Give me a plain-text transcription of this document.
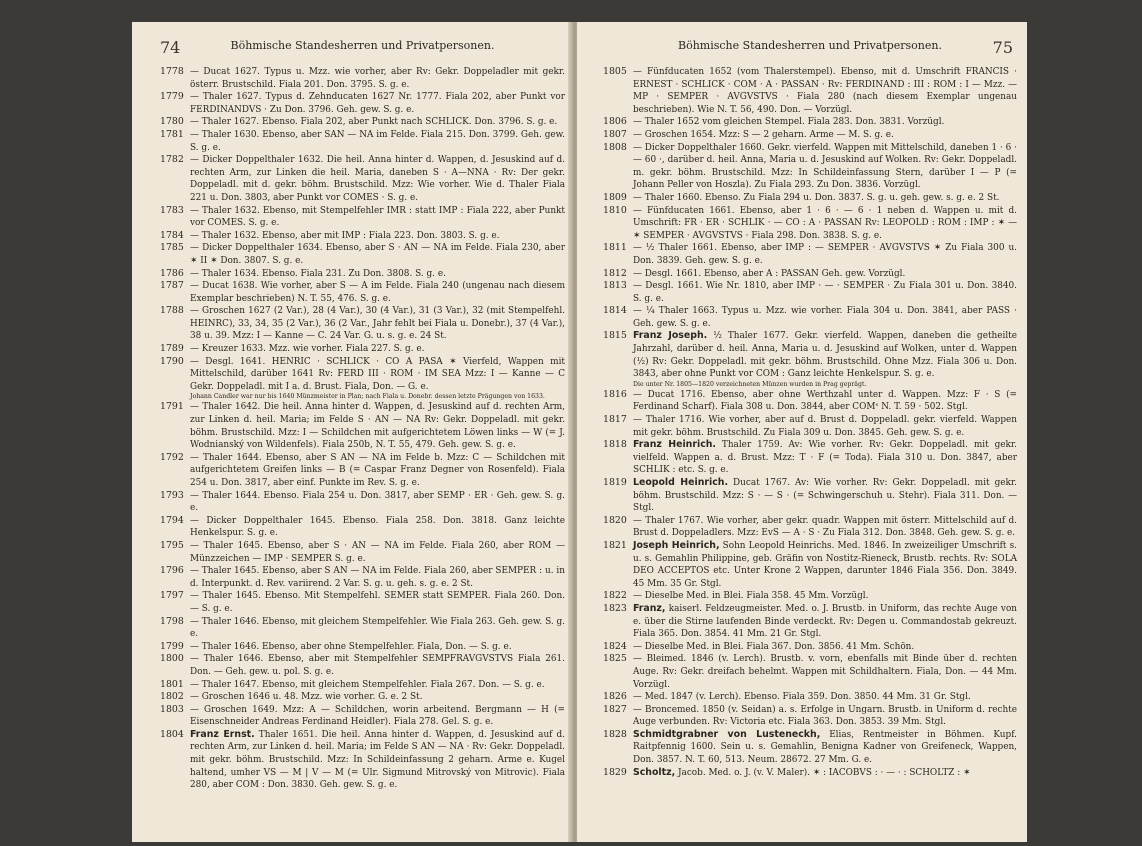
74	Böhmische Standesherren und Privatpersonen.
1778 — Ducat 1627. Typus u. Mzz. wie vorher, aber Rv: Gekr. Doppeladler mit gekr. österr. Brustschild. Fiala 201. Don. 3795. S. g. e.
1779 — Thaler 1627. Typus d. Zehnducaten 1627 Nr. 1777. Fiala 202, aber Punkt vor FERDINANDVS · Zu Don. 3796. Geh. gew. S. g. e.
1780 — Thaler 1627. Ebenso. Fiala 202, aber Punkt nach SCHLICK. Don. 3796. S. g. e.
1781 — Thaler 1630. Ebenso, aber SAN — NA im Felde. Fiala 215. Don. 3799. Geh. gew. S. g. e.
1782 — Dicker Doppelthaler 1632. Die heil. Anna hinter d. Wappen, d. Jesuskind auf d. rechten Arm, zur Linken die heil. Maria, daneben S · A—NNA · Rv: Der gekr. Doppeladl. mit d. gekr. böhm. Brustschild. Mzz: Wie vorher. Wie d. Thaler Fiala 221 u. Don. 3803, aber Punkt vor COMES · S. g. e.
1783 — Thaler 1632. Ebenso, mit Stempelfehler IMR : statt IMP : Fiala 222, aber Punkt vor COMES. S. g. e.
1784 — Thaler 1632. Ebenso, aber mit IMP : Fiala 223. Don. 3803. S. g. e.
1785 — Dicker Doppelthaler 1634. Ebenso, aber S · AN — NA im Felde. Fiala 230, aber ✶ II ✶ Don. 3807. S. g. e.
1786 — Thaler 1634. Ebenso. Fiala 231. Zu Don. 3808. S. g. e.
1787 — Ducat 1638. Wie vorher, aber S — A im Felde. Fiala 240 (ungenau nach diesem Exemplar beschrieben) N. T. 55, 476. S. g. e.
1788 — Groschen 1627 (2 Var.), 28 (4 Var.), 30 (4 Var.), 31 (3 Var.), 32 (mit Stempelfehl. HEINRC), 33, 34, 35 (2 Var.), 36 (2 Var., Jahr fehlt bei Fiala u. Donebr.), 37 (4 Var.), 38 u. 39. Mzz: I — Kanne — C. 24 Var. G. u. s. g. e. 24 St.
1789 — Kreuzer 1633. Mzz. wie vorher. Fiala 227. S. g. e.
1790 — Desgl. 1641. HENRIC · SCHLICK · CO A PASA ✶ Vierfeld, Wappen mit Mittelschild, darüber 1641 Rv: FERD III · ROM · IM SEA Mzz: I — Kanne — C Gekr. Doppeladl. mit I a. d. Brust. Fiala, Don. — G. e.
Johann Candler war nur bis 1640 Münzmeister in Plan; nach Fiala u. Donebr. dessen letzte Prägungen von 1633.
1791 — Thaler 1642. Die heil. Anna hinter d. Wappen, d. Jesuskind auf d. rechten Arm, zur Linken d. heil. Maria; im Felde S · AN — NA Rv: Gekr. Doppeladl. mit gekr. böhm. Brustschild. Mzz: I — Schildchen mit aufgerichtetem Löwen links — W (= J. Wodnianský von Wildenfels). Fiala 250b, N. T. 55, 479. Geh. gew. S. g. e.
1792 — Thaler 1644. Ebenso, aber S AN — NA im Felde b. Mzz: C — Schildchen mit aufgerichtetem Greifen links — B (= Caspar Franz Degner von Rosenfeld). Fiala 254 u. Don. 3817, aber einf. Punkte im Rev. S. g. e.
1793 — Thaler 1644. Ebenso. Fiala 254 u. Don. 3817, aber SEMP · ER · Geh. gew. S. g. e.
1794 — Dicker Doppelthaler 1645. Ebenso. Fiala 258. Don. 3818. Ganz leichte Henkelspur. S. g. e.
1795 — Thaler 1645. Ebenso, aber S · AN — NA im Felde. Fiala 260, aber ROM — Münzzeichen — IMP · SEMPER S. g. e.
1796 — Thaler 1645. Ebenso, aber S AN — NA im Felde. Fiala 260, aber SEMPER : u. in d. Interpunkt. d. Rev. variirend. 2 Var. S. g. u. geh. s. g. e. 2 St.
1797 — Thaler 1645. Ebenso. Mit Stempelfehl. SEMER statt SEMPER. Fiala 260. Don. — S. g. e.
1798 — Thaler 1646. Ebenso, mit gleichem Stempelfehler. Wie Fiala 263. Geh. gew. S. g. e.
1799 — Thaler 1646. Ebenso, aber ohne Stempelfehler. Fiala, Don. — S. g. e.
1800 — Thaler 1646. Ebenso, aber mit Stempelfehler SEMPFRAVGVSTVS Fiala 261. Don. — Geh. gew. u. pol. S. g. e.
1801 — Thaler 1647. Ebenso, mit gleichem Stempelfehler. Fiala 267. Don. — S. g. e.
1802 — Groschen 1646 u. 48. Mzz. wie vorher. G. e. 2 St.
1803 — Groschen 1649. Mzz: A — Schildchen, worin arbeitend. Bergmann — H (= Eisenschneider Andreas Ferdinand Heidler). Fiala 278. Gel. S. g. e.
1804 Franz Ernst. Thaler 1651. Die heil. Anna hinter d. Wappen, d. Jesuskind auf d. rechten Arm, zur Linken d. heil. Maria; im Felde S AN — NA · Rv: Gekr. Doppeladl. mit gekr. böhm. Brustschild. Mzz: In Schildeinfassung 2 geharn. Arme e. Kugel haltend, umher VS — M | V — M (= Ulr. Sigmund Mitrovský von Mitrovic). Fiala 280, aber COM : Don. 3830. Geh. gew. S. g. e.
Böhmische Standesherren und Privatpersonen.	75
1805 — Fünfducaten 1652 (vom Thalerstempel). Ebenso, mit d. Umschrift FRANCIS · ERNEST · SCHLICK · COM · A · PASSAN · Rv: FERDINAND : III : ROM : I — Mzz. — MP · SEMPER · AVGVSTVS · Fiala 280 (nach diesem Exemplar ungenau beschrieben). Wie N. T. 56, 490. Don. — Vorzügl.
1806 — Thaler 1652 vom gleichen Stempel. Fiala 283. Don. 3831. Vorzügl.
1807 — Groschen 1654. Mzz: S — 2 geharn. Arme — M. S. g. e.
1808 — Dicker Doppelthaler 1660. Gekr. vierfeld. Wappen mit Mittelschild, daneben 1 · 6 · — 60 ·, darüber d. heil. Anna, Maria u. d. Jesuskind auf Wolken. Rv: Gekr. Doppeladl. m. gekr. böhm. Brustschild. Mzz: In Schildeinfassung Stern, darüber I — P (= Johann Peller von Hoszla). Zu Fiala 293. Zu Don. 3836. Vorzügl.
1809 — Thaler 1660. Ebenso. Zu Fiala 294 u. Don. 3837. S. g. u. geh. gew. s. g. e. 2 St.
1810 — Fünfducaten 1661. Ebenso, aber 1 · 6 · — 6 · 1 neben d. Wappen u. mit d. Umschrift: FR · ER · SCHLIK · — CO : A · PASSAN Rv: LEOPOLD : ROM : IMP : ✶ — ✶ SEMPER · AVGVSTVS · Fiala 298. Don. 3838. S. g. e.
1811 — ½ Thaler 1661. Ebenso, aber IMP : — SEMPER · AVGVSTVS ✶ Zu Fiala 300 u. Don. 3839. Geh. gew. S. g. e.
1812 — Desgl. 1661. Ebenso, aber A : PASSAN Geh. gew. Vorzügl.
1813 — Desgl. 1661. Wie Nr. 1810, aber IMP · — · SEMPER · Zu Fiala 301 u. Don. 3840. S. g. e.
1814 — ¼ Thaler 1663. Typus u. Mzz. wie vorher. Fiala 304 u. Don. 3841, aber PASS · Geh. gew. S. g. e.
1815 Franz Joseph. ½ Thaler 1677. Gekr. vierfeld. Wappen, daneben die getheilte Jahrzahl, darüber d. heil. Anna, Maria u. d. Jesuskind auf Wolken, unter d. Wappen (½) Rv: Gekr. Doppeladl. mit gekr. böhm. Brustschild. Ohne Mzz. Fiala 306 u. Don. 3843, aber ohne Punkt vor COM : Ganz leichte Henkelspur. S. g. e.
Die unter Nr. 1805—1820 verzeichneten Münzen wurden in Prag geprägt.
1816 — Ducat 1716. Ebenso, aber ohne Werthzahl unter d. Wappen. Mzz: F · S (= Ferdinand Scharf). Fiala 308 u. Don. 3844, aber COMˢ N. T. 59 · 502. Stgl.
1817 — Thaler 1716. Wie vorher, aber auf d. Brust d. Doppeladl. gekr. vierfeld. Wappen mit gekr. böhm. Brustschild. Zu Fiala 309 u. Don. 3845. Geh. gew. S. g. e.
1818 Franz Heinrich. Thaler 1759. Av: Wie vorher. Rv: Gekr. Doppeladl. mit gekr. vielfeld. Wappen a. d. Brust. Mzz: T · F (= Toda). Fiala 310 u. Don. 3847, aber SCHLIK : etc. S. g. e.
1819 Leopold Heinrich. Ducat 1767. Av: Wie vorher. Rv: Gekr. Doppeladl. mit gekr. böhm. Brustschild. Mzz: S · — S · (= Schwingerschuh u. Stehr). Fiala 311. Don. — Stgl.
1820 — Thaler 1767. Wie vorher, aber gekr. quadr. Wappen mit österr. Mittelschild auf d. Brust d. Doppeladlers. Mzz: EvS — A · S · Zu Fiala 312. Don. 3848. Geh. gew. S. g. e.
1821 Joseph Heinrich, Sohn Leopold Heinrichs. Med. 1846. In zweizeiliger Umschrift s. u. s. Gemahlin Philippine, geb. Gräfin von Nostitz-Rieneck, Brustb. rechts. Rv: SOLA DEO ACCEPTOS etc. Unter Krone 2 Wappen, darunter 1846 Fiala 356. Don. 3849. 45 Mm. 35 Gr. Stgl.
1822 — Dieselbe Med. in Blei. Fiala 358. 45 Mm. Vorzügl.
1823 Franz, kaiserl. Feldzeugmeister. Med. o. J. Brustb. in Uniform, das rechte Auge von e. über die Stirne laufenden Binde verdeckt. Rv: Degen u. Commandostab gekreuzt. Fiala 365. Don. 3854. 41 Mm. 21 Gr. Stgl.
1824 — Dieselbe Med. in Blei. Fiala 367. Don. 3856. 41 Mm. Schön.
1825 — Bleimed. 1846 (v. Lerch). Brustb. v. vorn, ebenfalls mit Binde über d. rechten Auge. Rv: Gekr. dreifach behelmt. Wappen mit Schildhaltern. Fiala, Don. — 44 Mm. Vorzügl.
1826 — Med. 1847 (v. Lerch). Ebenso. Fiala 359. Don. 3850. 44 Mm. 31 Gr. Stgl.
1827 — Broncemed. 1850 (v. Seidan) a. s. Erfolge in Ungarn. Brustb. in Uniform d. rechte Auge verbunden. Rv: Victoria etc. Fiala 363. Don. 3853. 39 Mm. Stgl.
1828 Schmidtgrabner von Lusteneckh, Elias, Rentmeister in Böhmen. Kupf. Raitpfennig 1600. Sein u. s. Gemahlin, Benigna Kadner von Greifeneck, Wappen, Don. 3857. N. T. 60, 513. Neum. 28672. 27 Mm. G. e.
1829 Scholtz, Jacob. Med. o. J. (v. V. Maler). ✶ : IACOBVS : · — · : SCHOLTZ : ✶
